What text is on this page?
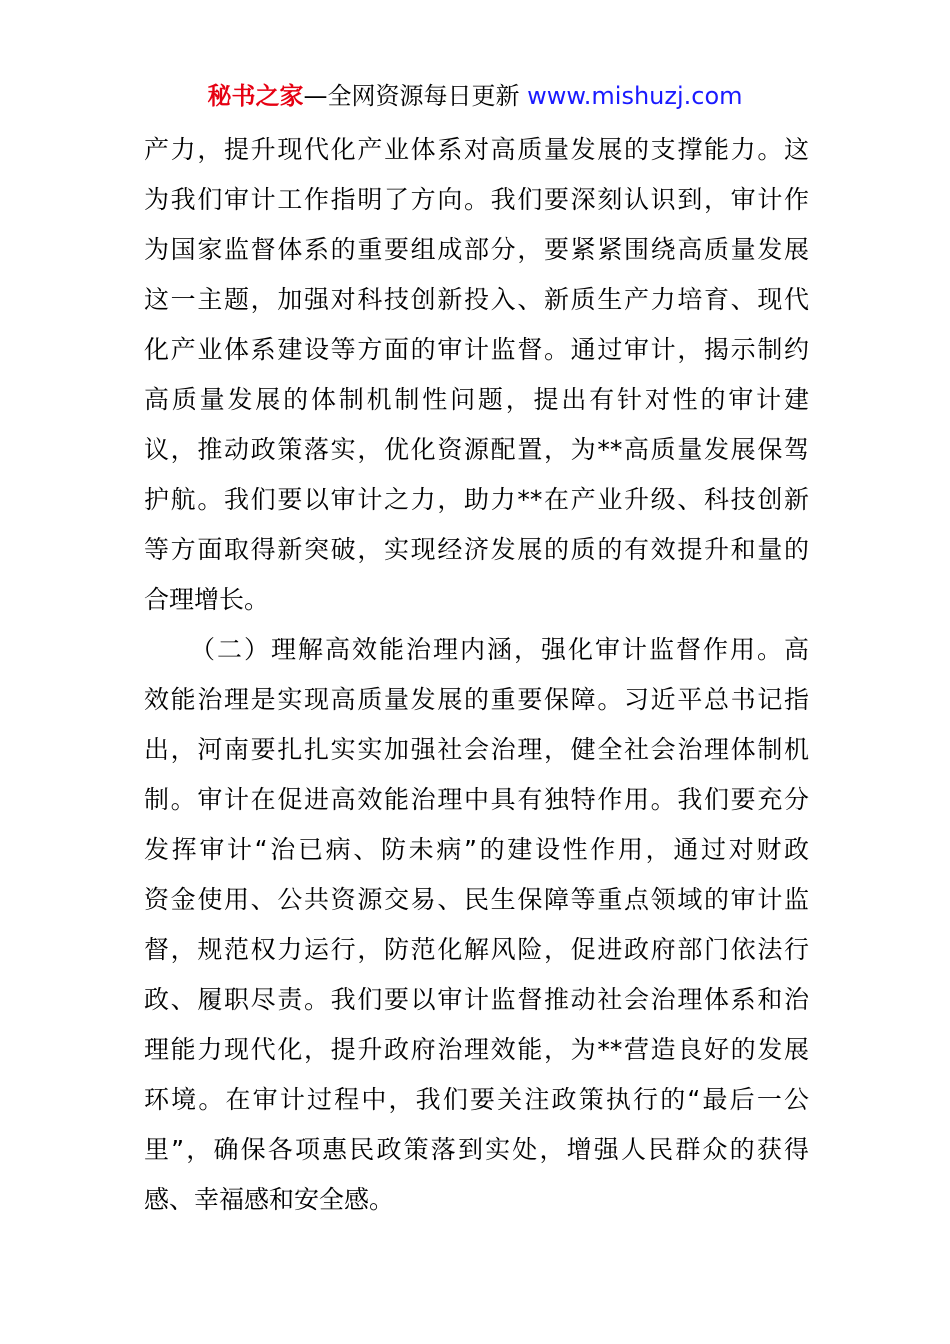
秘书之家—全网资源每日更新 www.mishuzj.com
产力，提升现代化产业体系对高质量发展的支撑能力。这
为我们审计工作指明了方向。我们要深刻认识到，审计作
为国家监督体系的重要组成部分，要紧紧围绕高质量发展
这一主题，加强对科技创新投入、新质生产力培育、现代
化产业体系建设等方面的审计监督。通过审计，揭示制约
高质量发展的体制机制性问题，提出有针对性的审计建
议，推动政策落实，优化资源配置，为**高质量发展保驾
护航。我们要以审计之力，助力**在产业升级、科技创新
等方面取得新突破，实现经济发展的质的有效提升和量的
合理增长。
（二）理解高效能治理内涵，强化审计监督作用。高
效能治理是实现高质量发展的重要保障。习近平总书记指
出，河南要扎扎实实加强社会治理，健全社会治理体制机
制。审计在促进高效能治理中具有独特作用。我们要充分
发挥审计“治已病、防未病”的建设性作用，通过对财政
资金使用、公共资源交易、民生保障等重点领域的审计监
督，规范权力运行，防范化解风险，促进政府部门依法行
政、履职尽责。我们要以审计监督推动社会治理体系和治
理能力现代化，提升政府治理效能，为**营造良好的发展
环境。在审计过程中，我们要关注政策执行的“最后一公
里”，确保各项惠民政策落到实处，增强人民群众的获得
感、幸福感和安全感。
